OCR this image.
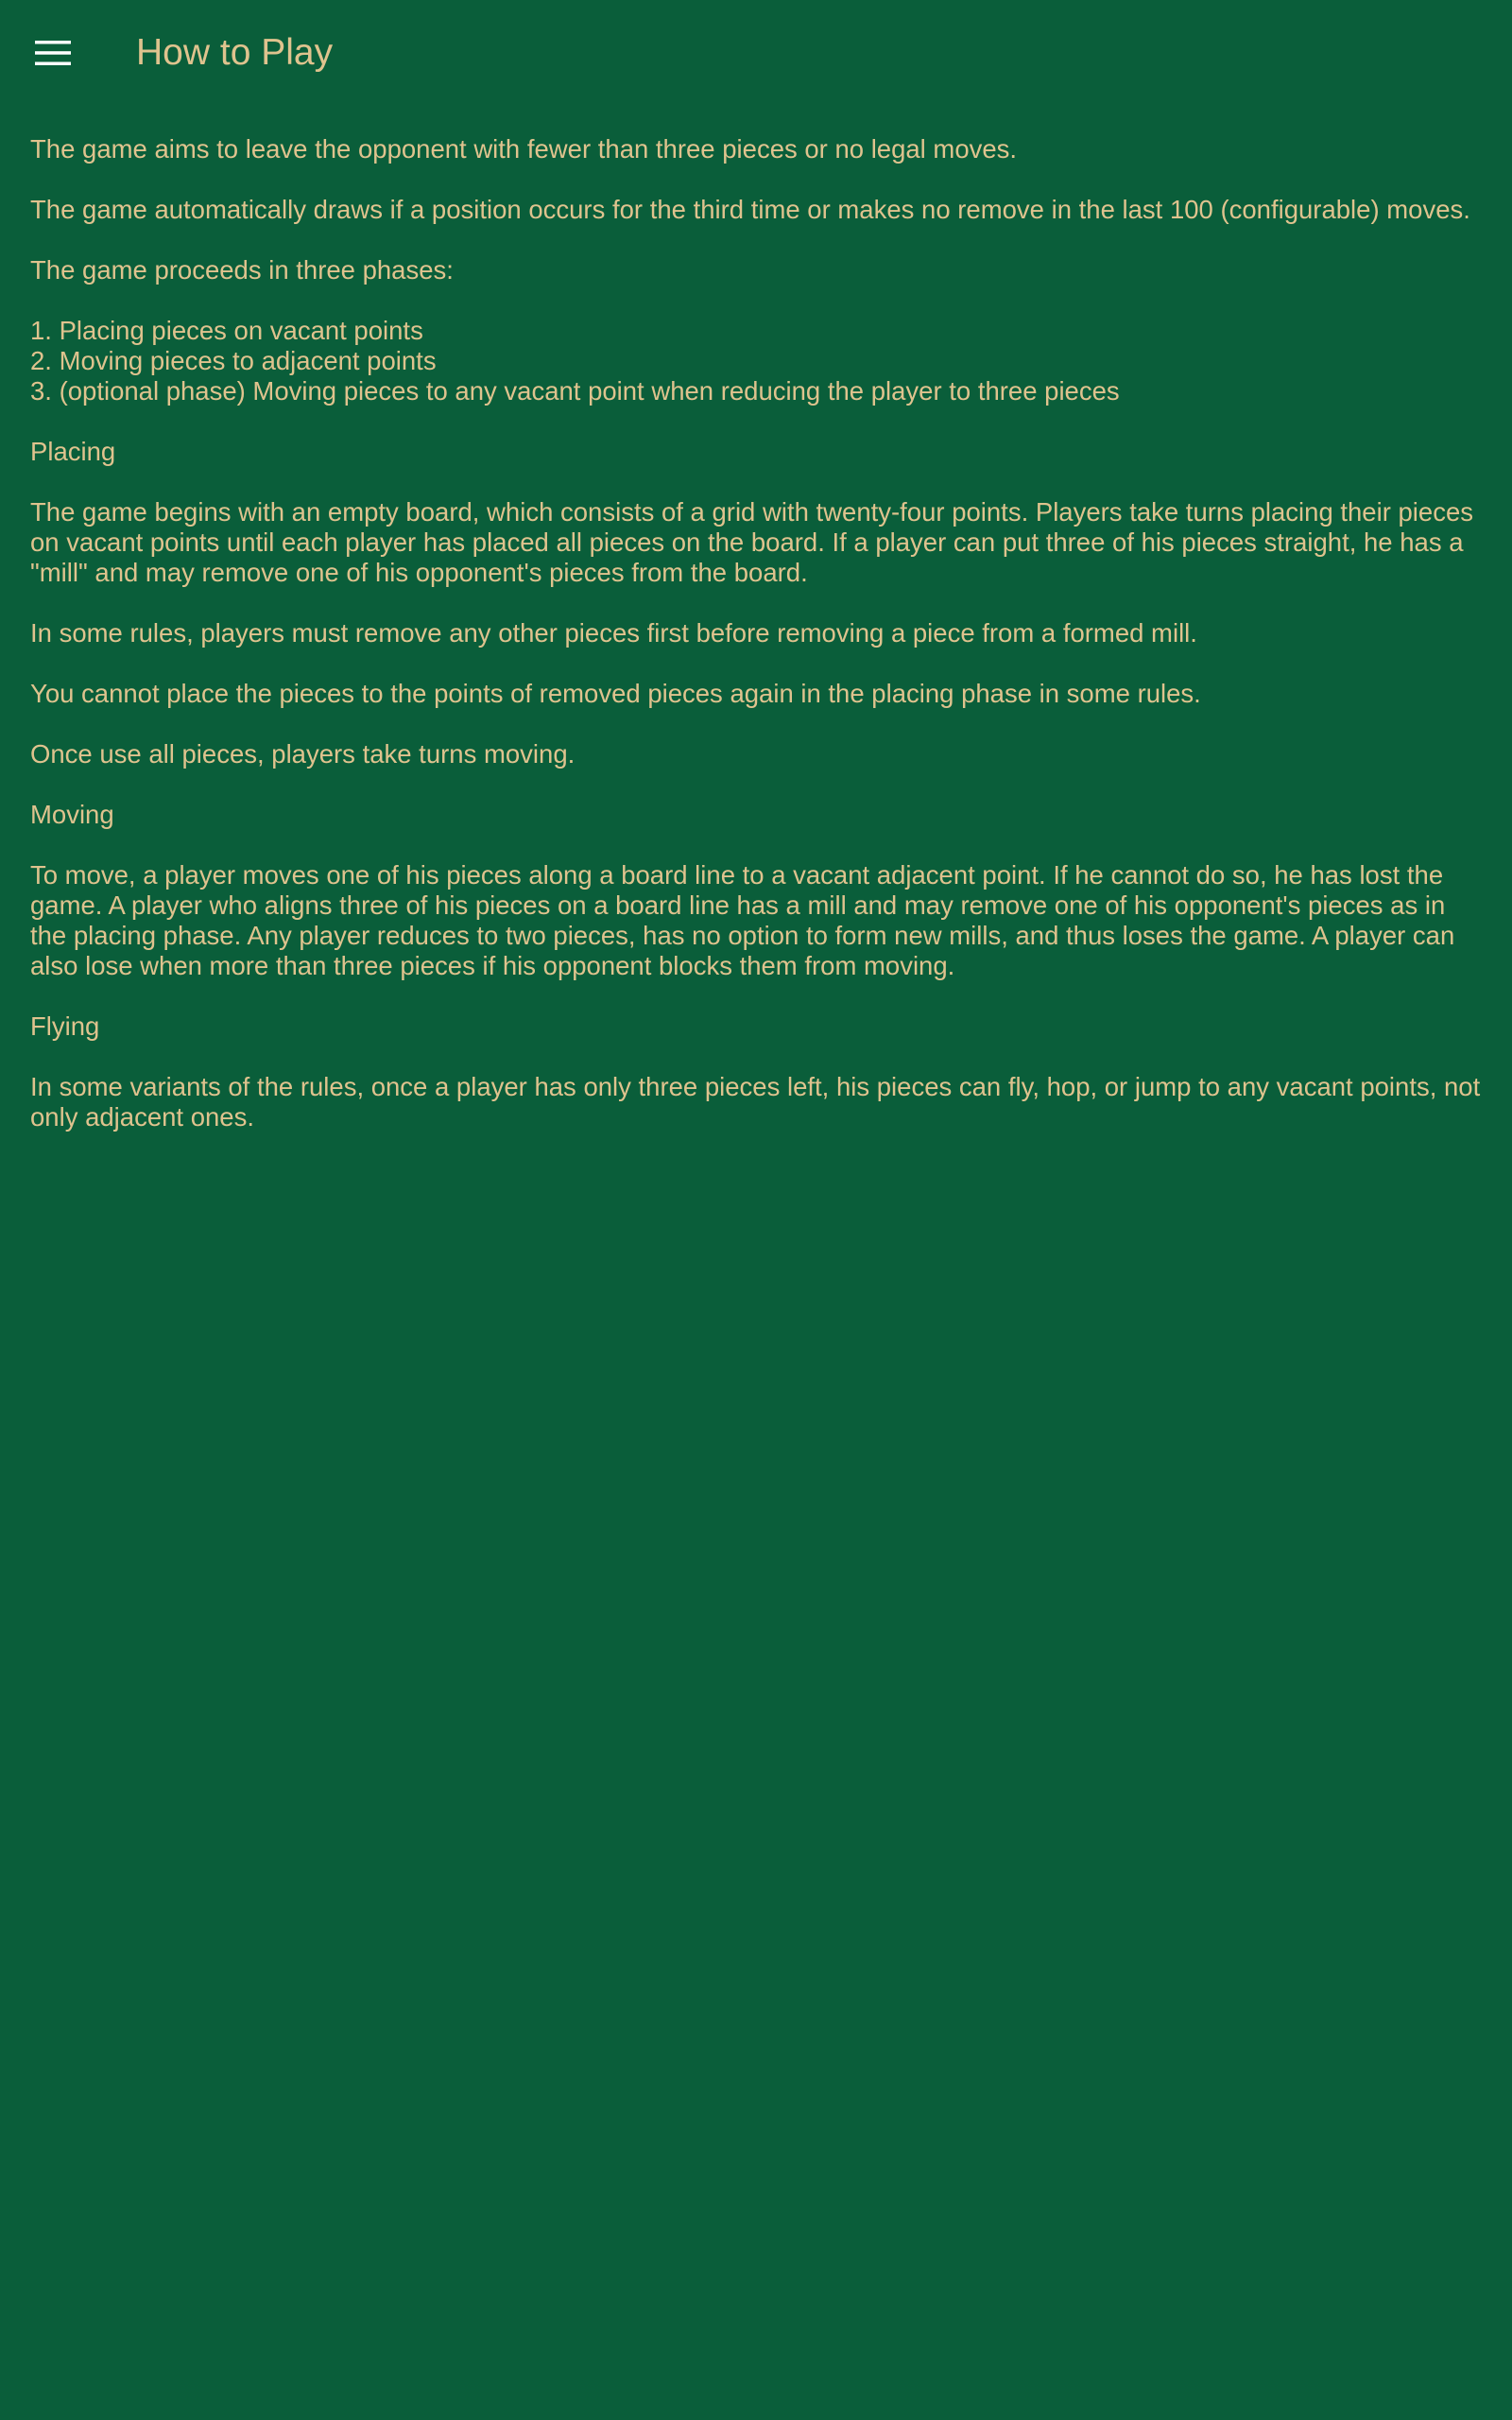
How to Play

The game aims to leave the opponent with fewer than three pieces or no legal moves.

The game automatically draws if a position occurs for the third time or makes no remove in the last 100 (configurable) moves.

The game proceeds in three phases:

1. Placing pieces on vacant points
2. Moving pieces to adjacent points
3. (optional phase) Moving pieces to any vacant point when reducing the player to three pieces

Placing

The game begins with an empty board, which consists of a grid with twenty-four points. Players take turns placing their pieces on vacant points until each player has placed all pieces on the board. If a player can put three of his pieces straight, he has a "mill" and may remove one of his opponent's pieces from the board.

In some rules, players must remove any other pieces first before removing a piece from a formed mill.

You cannot place the pieces to the points of removed pieces again in the placing phase in some rules.

Once use all pieces, players take turns moving.

Moving

To move, a player moves one of his pieces along a board line to a vacant adjacent point. If he cannot do so, he has lost the game. A player who aligns three of his pieces on a board line has a mill and may remove one of his opponent's pieces as in the placing phase. Any player reduces to two pieces, has no option to form new mills, and thus loses the game. A player can also lose when more than three pieces if his opponent blocks them from moving.

Flying

In some variants of the rules, once a player has only three pieces left, his pieces can fly, hop, or jump to any vacant points, not only adjacent ones.
